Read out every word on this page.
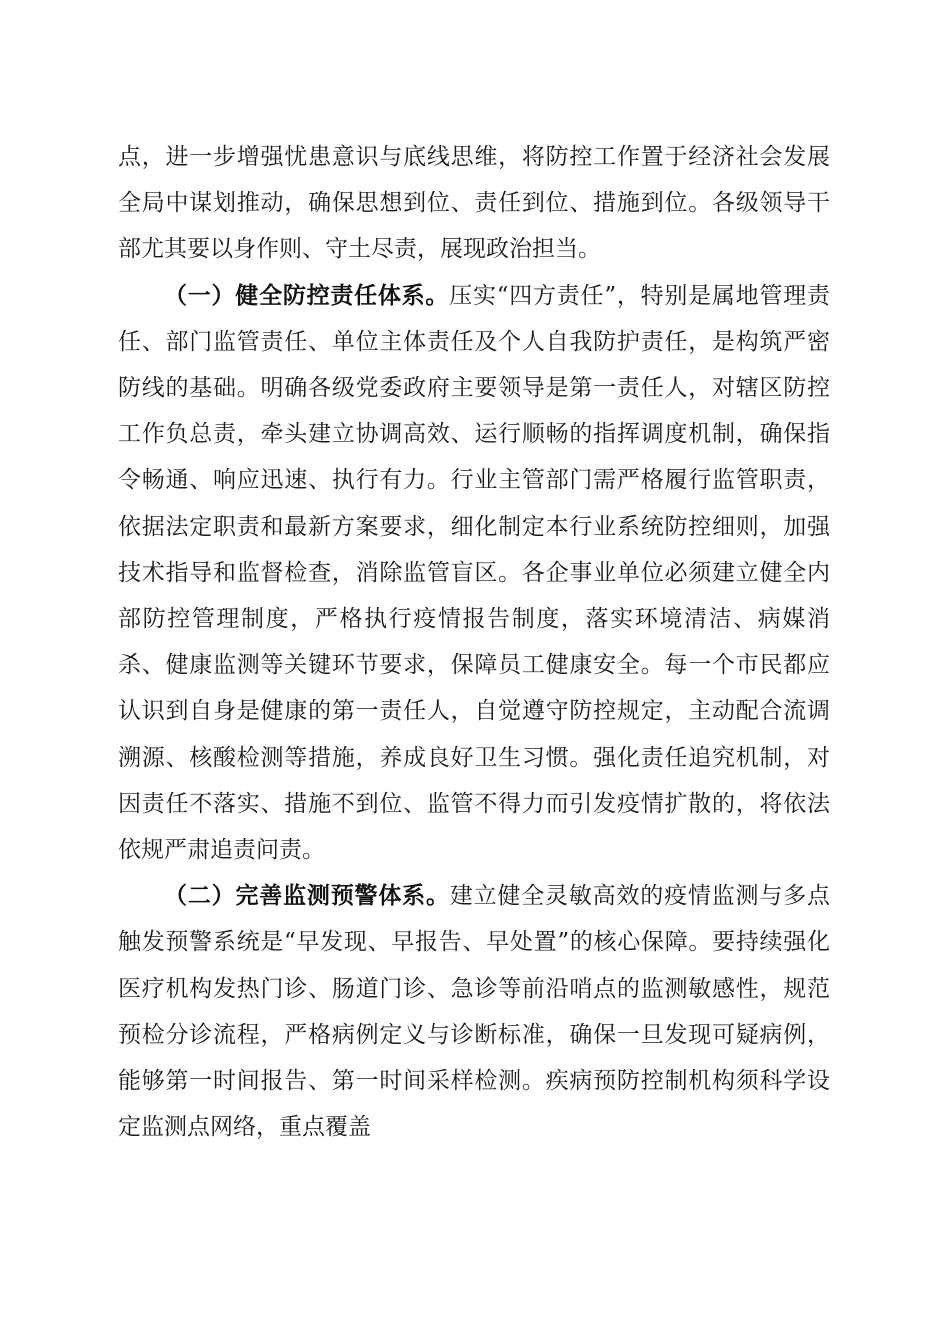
点，进一步增强忧患意识与底线思维，将防控工作置于经济社会发展全局中谋划推动，确保思想到位、责任到位、措施到位。各级领导干部尤其要以身作则、守土尽责，展现政治担当。

（一）健全防控责任体系。压实“四方责任”，特别是属地管理责任、部门监管责任、单位主体责任及个人自我防护责任，是构筑严密防线的基础。明确各级党委政府主要领导是第一责任人，对辖区防控工作负总责，牵头建立协调高效、运行顺畅的指挥调度机制，确保指令畅通、响应迅速、执行有力。行业主管部门需严格履行监管职责，依据法定职责和最新方案要求，细化制定本行业系统防控细则，加强技术指导和监督检查，消除监管盲区。各企事业单位必须建立健全内部防控管理制度，严格执行疫情报告制度，落实环境清洁、病媒消杀、健康监测等关键环节要求，保障员工健康安全。每一个市民都应认识到自身是健康的第一责任人，自觉遵守防控规定，主动配合流调溯源、核酸检测等措施，养成良好卫生习惯。强化责任追究机制，对因责任不落实、措施不到位、监管不得力而引发疫情扩散的，将依法依规严肃追责问责。

（二）完善监测预警体系。建立健全灵敏高效的疫情监测与多点触发预警系统是“早发现、早报告、早处置”的核心保障。要持续强化医疗机构发热门诊、肠道门诊、急诊等前沿哨点的监测敏感性，规范预检分诊流程，严格病例定义与诊断标准，确保一旦发现可疑病例，能够第一时间报告、第一时间采样检测。疾病预防控制机构须科学设定监测点网络，重点覆盖
